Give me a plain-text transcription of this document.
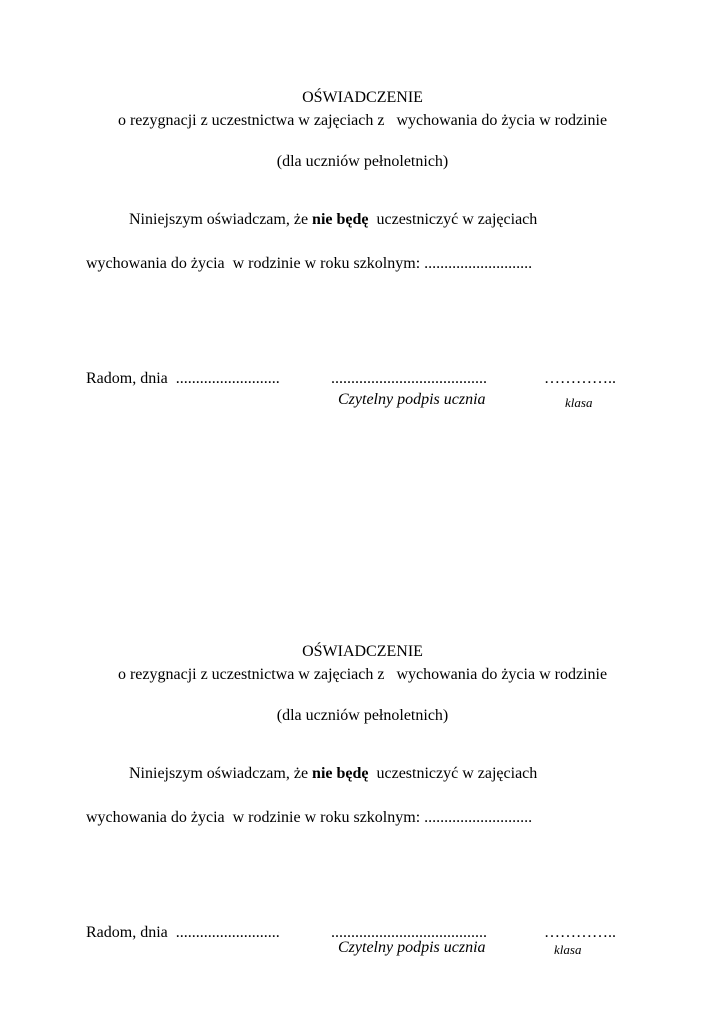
OŚWIADCZENIE
o rezygnacji z uczestnictwa w zajęciach z   wychowania do życia w rodzinie
(dla uczniów pełnoletnich)
Niniejszym oświadczam, że nie będę  uczestniczyć w zajęciach
wychowania do życia  w rodzinie w roku szkolnym: ...........................
Radom, dnia  ..........................	.......................................	…………..
Czytelny podpis ucznia	klasa
OŚWIADCZENIE
o rezygnacji z uczestnictwa w zajęciach z   wychowania do życia w rodzinie
(dla uczniów pełnoletnich)
Niniejszym oświadczam, że nie będę  uczestniczyć w zajęciach
wychowania do życia  w rodzinie w roku szkolnym: ...........................
Radom, dnia  ..........................	.......................................	…………..
Czytelny podpis ucznia	klasa
